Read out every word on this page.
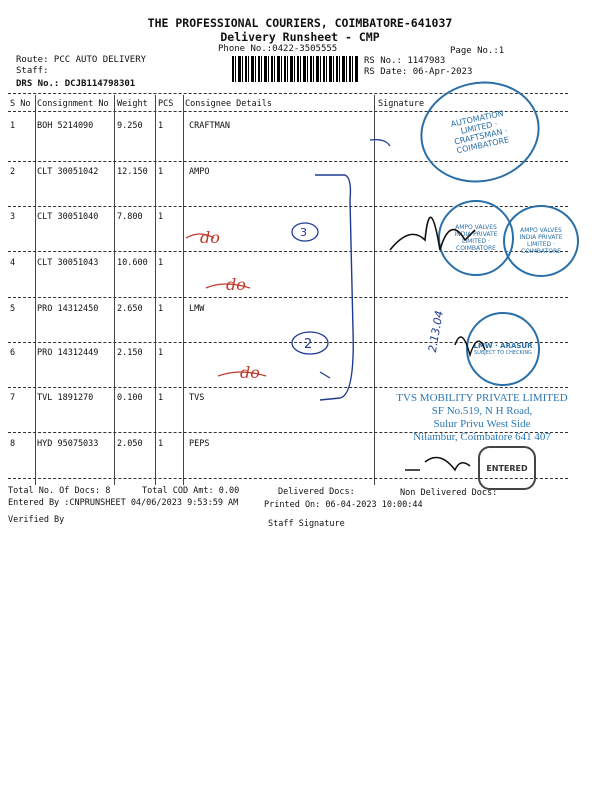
THE PROFESSIONAL COURIERS, COIMBATORE-641037
Delivery Runsheet - CMP
Phone No.:0422-3505555	Page No.:1
Route: PCC AUTO DELIVERY
Staff:
DRS No.: DCJB114798301
RS No.: 1147983
RS Date: 06-Apr-2023
S No Consignment No Weight PCS Consignee Details	Signature
1	BOH 5214090	9.250 1	CRAFTMAN
2	CLT 30051042 12.150 1	AMPO
3	CLT 30051040 7.800 1
4	CLT 30051043 10.600 1
5	PRO 14312450 2.650 1	LMW
6	PRO 14312449 2.150 1
7	TVL 1891270	0.100 1	TVS
8	HYD 95075033 2.050 1	PEPS
Total No. Of Docs: 8	Total COD Amt: 0.00	Delivered Docs:	Non Delivered Docs:
Entered By :CNPRUNSHEET 04/06/2023 9:53:59 AM	Printed On: 06-04-2023 10:00:44
Verified By	Staff Signature
AUTOMATION LIMITED · CRAFTSMAN · COIMBATORE
AMPO VALVES INDIA PRIVATE LIMITED · COIMBATORE
AMPO VALVES INDIA PRIVATE LIMITED · COIMBATORE
LMW · ARASUR
SUBJECT TO CHECKING
TVS MOBILITY PRIVATE LIMITED
SF No.519, N H Road,
Sulur Privu West Side
Nilambur, Coimbatore 641 407
ENTERED
do
do
do
3
2	2.13.04
